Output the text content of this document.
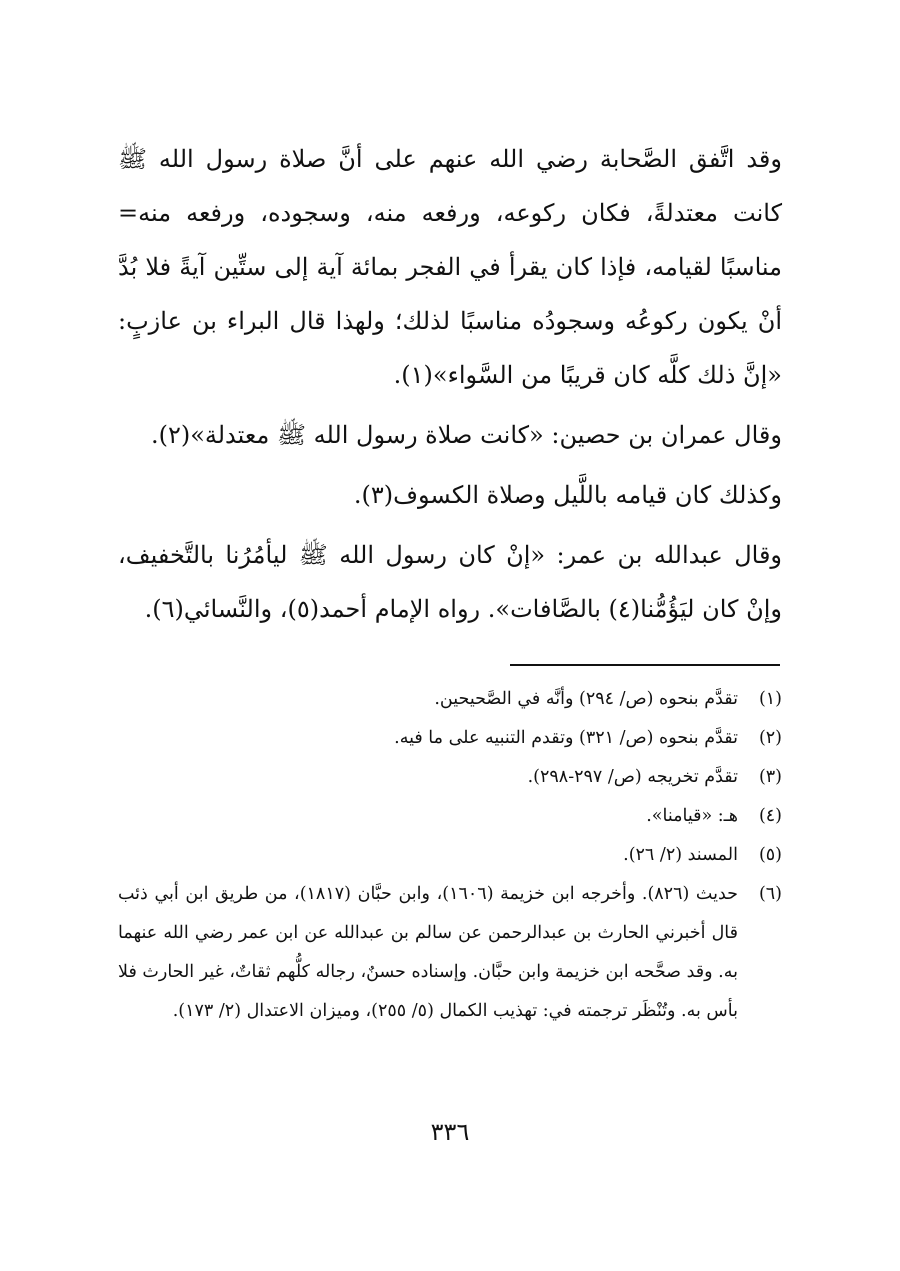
وقد اتَّفق الصَّحابة رضي الله عنهم على أنَّ صلاة رسول الله ﷺ كانت معتدلةً، فكان ركوعه، ورفعه منه، وسجوده، ورفعه منه= مناسبًا لقيامه، فإذا كان يقرأ في الفجر بمائة آية إلى ستِّين آيةً فلا بُدَّ أنْ يكون ركوعُه وسجودُه مناسبًا لذلك؛ ولهذا قال البراء بن عازبٍ: «إنَّ ذلك كلَّه كان قريبًا من السَّواء»(١).

وقال عمران بن حصين: «كانت صلاة رسول الله ﷺ معتدلة»(٢).

وكذلك كان قيامه باللَّيل وصلاة الكسوف(٣).

وقال عبدالله بن عمر: «إنْ كان رسول الله ﷺ ليأمُرُنا بالتَّخفيف، وإنْ كان ليَؤُمُّنا(٤) بالصَّافات». رواه الإمام أحمد(٥)، والنَّسائي(٦).

(١)
تقدَّم بنحوه (ص/ ٢٩٤) وأنَّه في الصَّحيحين.
(٢)
تقدَّم بنحوه (ص/ ٣٢١) وتقدم التنبيه على ما فيه.
(٣)
تقدَّم تخريجه (ص/ ٢٩٧-٢٩٨).
(٤)
هـ: «قيامنا».
(٥)
المسند (٢/ ٢٦).
(٦)
حديث (٨٢٦). وأخرجه ابن خزيمة (١٦٠٦)، وابن حبَّان (١٨١٧)، من طريق ابن أبي ذئب قال أخبرني الحارث بن عبدالرحمن عن سالم بن عبدالله عن ابن عمر رضي الله عنهما به. وقد صحَّحه ابن خزيمة وابن حبَّان. وإسناده حسنٌ، رجاله كلُّهم ثقاتٌ، غير الحارث فلا بأس به. وتُنْظَر ترجمته في: تهذيب الكمال (٥/ ٢٥٥)، وميزان الاعتدال (٢/ ١٧٣).
٣٣٦
